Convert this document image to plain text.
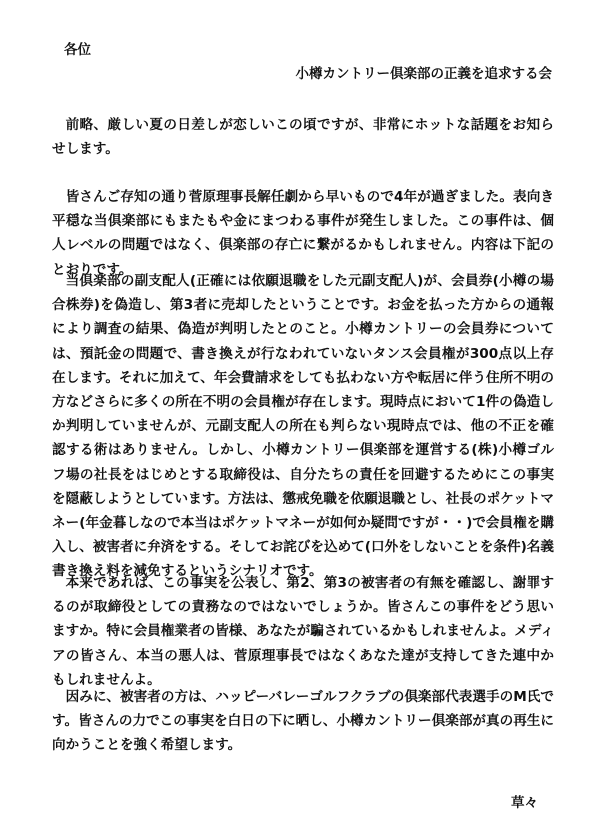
各位

小樽カントリー倶楽部の正義を追求する会

前略、厳しい夏の日差しが恋しいこの頃ですが、非常にホットな話題をお知らせします。

皆さんご存知の通り菅原理事長解任劇から早いもので4年が過ぎました。表向き平穏な当倶楽部にもまたもや金にまつわる事件が発生しました。この事件は、個人レベルの問題ではなく、倶楽部の存亡に繋がるかもしれません。内容は下記のとおりです。

当倶楽部の副支配人(正確には依願退職をした元副支配人)が、会員券(小樽の場合株券)を偽造し、第3者に売却したということです。お金を払った方からの通報により調査の結果、偽造が判明したとのこと。小樽カントリーの会員券については、預託金の問題で、書き換えが行なわれていないタンス会員権が300点以上存在します。それに加えて、年会費請求をしても払わない方や転居に伴う住所不明の方などさらに多くの所在不明の会員権が存在します。現時点において1件の偽造しか判明していませんが、元副支配人の所在も判らない現時点では、他の不正を確認する術はありません。しかし、小樽カントリー倶楽部を運営する(株)小樽ゴルフ場の社長をはじめとする取締役は、自分たちの責任を回避するためにこの事実を隠蔽しようとしています。方法は、懲戒免職を依願退職とし、社長のポケットマネー(年金暮しなので本当はポケットマネーが如何か疑問ですが・・)で会員権を購入し、被害者に弁済をする。そしてお詫びを込めて(口外をしないことを条件)名義書き換え料を減免するというシナリオです。

本来であれば、この事実を公表し、第2、第3の被害者の有無を確認し、謝罪するのが取締役としての責務なのではないでしょうか。皆さんこの事件をどう思いますか。特に会員権業者の皆様、あなたが騙されているかもしれませんよ。メディアの皆さん、本当の悪人は、菅原理事長ではなくあなた達が支持してきた連中かもしれませんよ。

因みに、被害者の方は、ハッピーバレーゴルフクラブの倶楽部代表選手のM氏です。皆さんの力でこの事実を白日の下に晒し、小樽カントリー倶楽部が真の再生に向かうことを強く希望します。

草々
